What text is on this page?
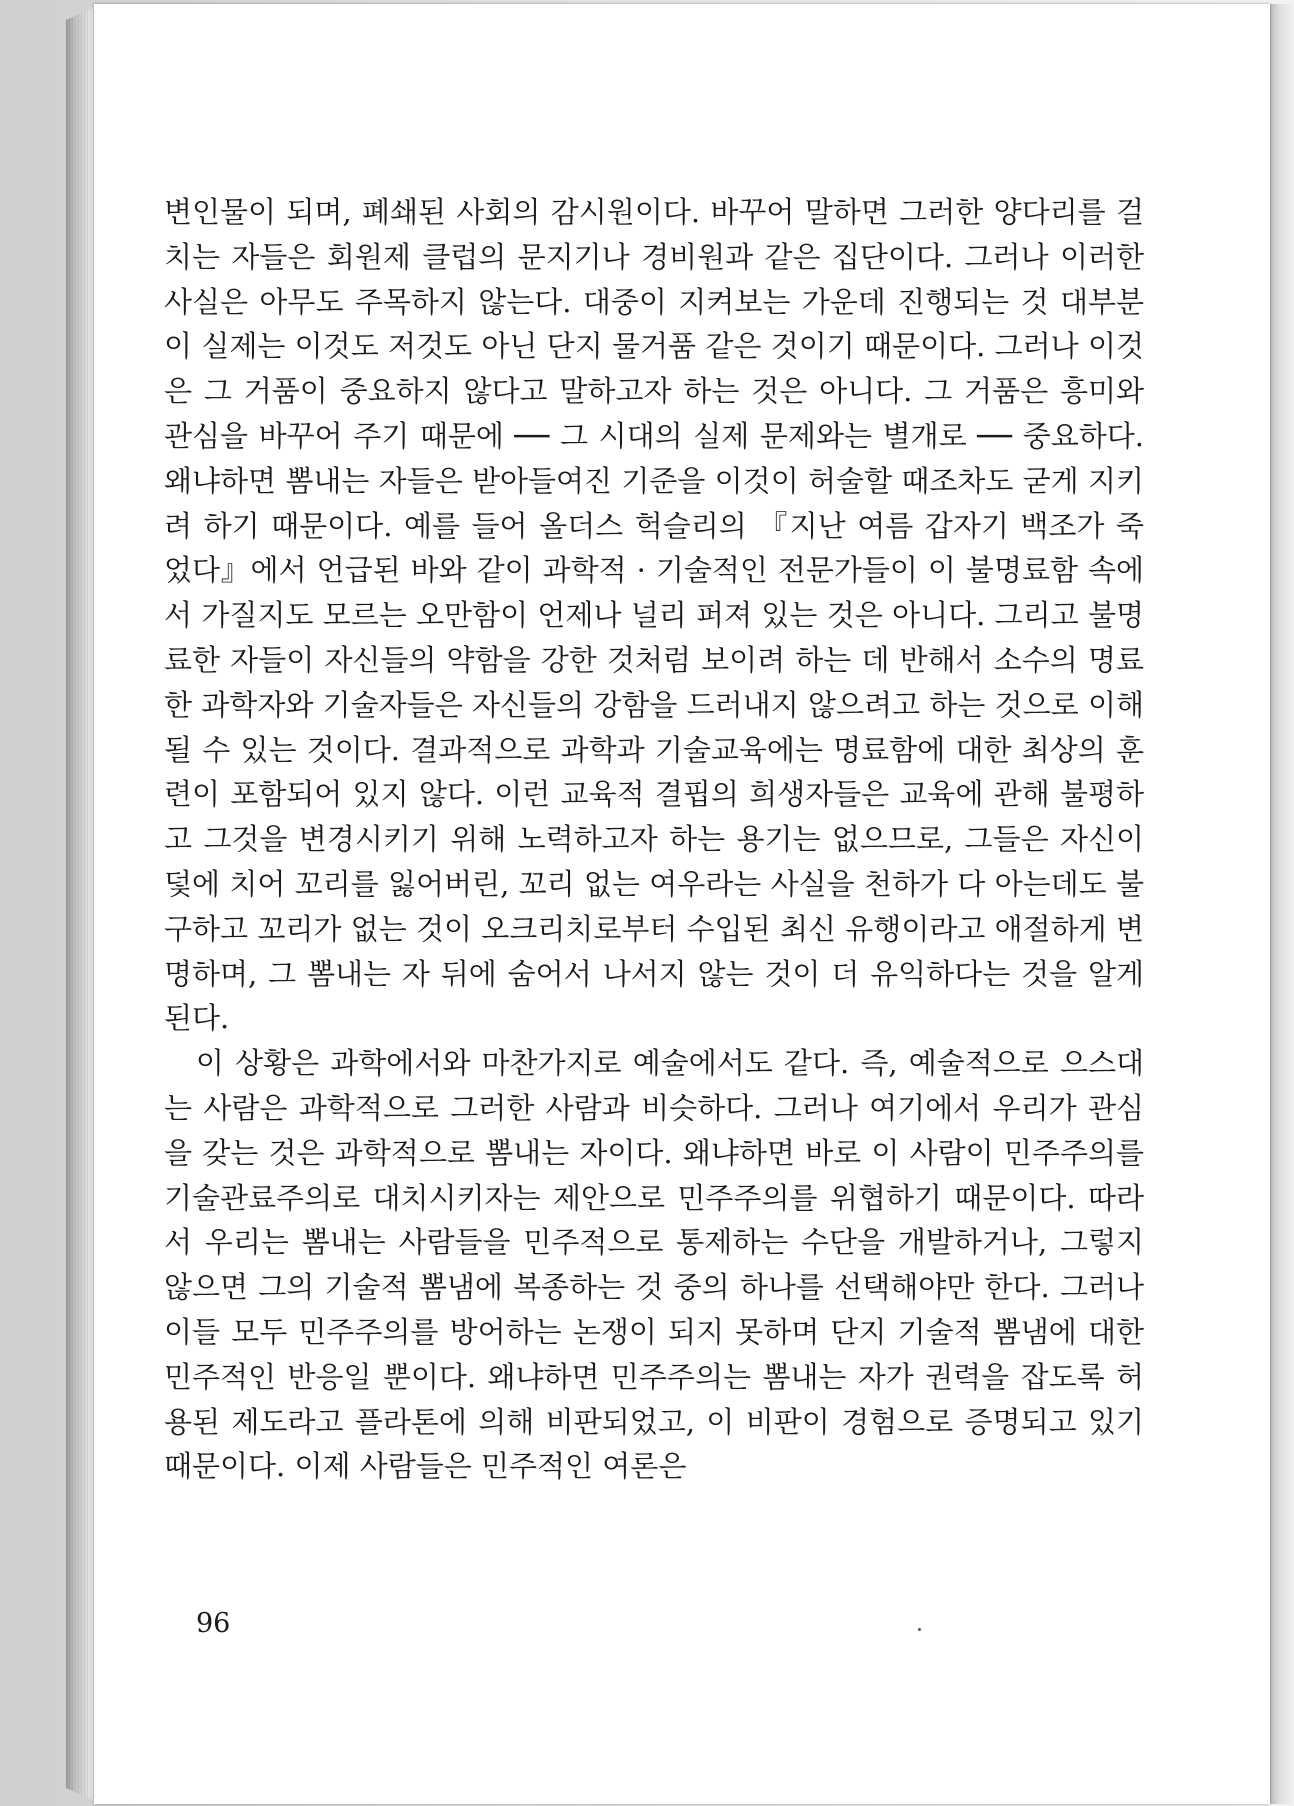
변인물이 되며, 폐쇄된 사회의 감시원이다. 바꾸어 말하면 그러한 양다리를 걸치는 자들은 회원제 클럽의 문지기나 경비원과 같은 집단이다. 그러나 이러한 사실은 아무도 주목하지 않는다. 대중이 지켜보는 가운데 진행되는 것 대부분이 실제는 이것도 저것도 아닌 단지 물거품 같은 것이기 때문이다. 그러나 이것은 그 거품이 중요하지 않다고 말하고자 하는 것은 아니다. 그 거품은 흥미와 관심을 바꾸어 주기 때문에 ── 그 시대의 실제 문제와는 별개로 ── 중요하다. 왜냐하면 뽐내는 자들은 받아들여진 기준을 이것이 허술할 때조차도 굳게 지키려 하기 때문이다. 예를 들어 올더스 헉슬리의 『지난 여름 갑자기 백조가 죽었다』에서 언급된 바와 같이 과학적 · 기술적인 전문가들이 이 불명료함 속에서 가질지도 모르는 오만함이 언제나 널리 퍼져 있는 것은 아니다. 그리고 불명료한 자들이 자신들의 약함을 강한 것처럼 보이려 하는 데 반해서 소수의 명료한 과학자와 기술자들은 자신들의 강함을 드러내지 않으려고 하는 것으로 이해될 수 있는 것이다. 결과적으로 과학과 기술교육에는 명료함에 대한 최상의 훈련이 포함되어 있지 않다. 이런 교육적 결핍의 희생자들은 교육에 관해 불평하고 그것을 변경시키기 위해 노력하고자 하는 용기는 없으므로, 그들은 자신이 덫에 치어 꼬리를 잃어버린, 꼬리 없는 여우라는 사실을 천하가 다 아는데도 불구하고 꼬리가 없는 것이 오크리치로부터 수입된 최신 유행이라고 애절하게 변명하며, 그 뽐내는 자 뒤에 숨어서 나서지 않는 것이 더 유익하다는 것을 알게 된다.

이 상황은 과학에서와 마찬가지로 예술에서도 같다. 즉, 예술적으로 으스대는 사람은 과학적으로 그러한 사람과 비슷하다. 그러나 여기에서 우리가 관심을 갖는 것은 과학적으로 뽐내는 자이다. 왜냐하면 바로 이 사람이 민주주의를 기술관료주의로 대치시키자는 제안으로 민주주의를 위협하기 때문이다. 따라서 우리는 뽐내는 사람들을 민주적으로 통제하는 수단을 개발하거나, 그렇지 않으면 그의 기술적 뽐냄에 복종하는 것 중의 하나를 선택해야만 한다. 그러나 이들 모두 민주주의를 방어하는 논쟁이 되지 못하며 단지 기술적 뽐냄에 대한 민주적인 반응일 뿐이다. 왜냐하면 민주주의는 뽐내는 자가 권력을 잡도록 허용된 제도라고 플라톤에 의해 비판되었고, 이 비판이 경험으로 증명되고 있기 때문이다. 이제 사람들은 민주적인 여론은

96
